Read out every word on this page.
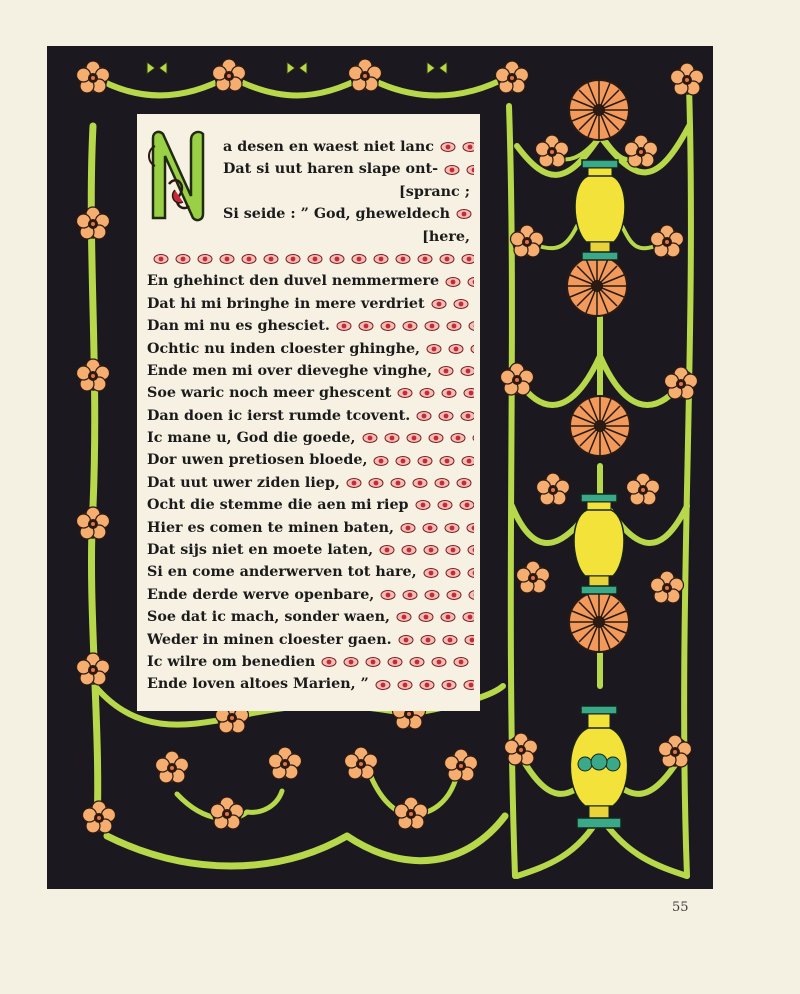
a desen en waest niet lanc
Dat si uut haren slape ont-
[spranc ;
Si seide : ” God, gheweldech
[here,
En ghehinct den duvel nemmermere
Dat hi mi bringhe in mere verdriet
Dan mi nu es ghesciet.
Ochtic nu inden cloester ghinghe,
Ende men mi over dieveghe vinghe,
Soe waric noch meer ghescent
Dan doen ic ierst rumde tcovent.
Ic mane u, God die goede,
Dor uwen pretiosen bloede,
Dat uut uwer ziden liep,
Ocht die stemme die aen mi riep
Hier es comen te minen baten,
Dat sijs niet en moete laten,
Si en come anderwerven tot hare,
Ende derde werve openbare,
Soe dat ic mach, sonder waen,
Weder in minen cloester gaen.
Ic wilre om benedien
Ende loven altoes Marien, ”
55
